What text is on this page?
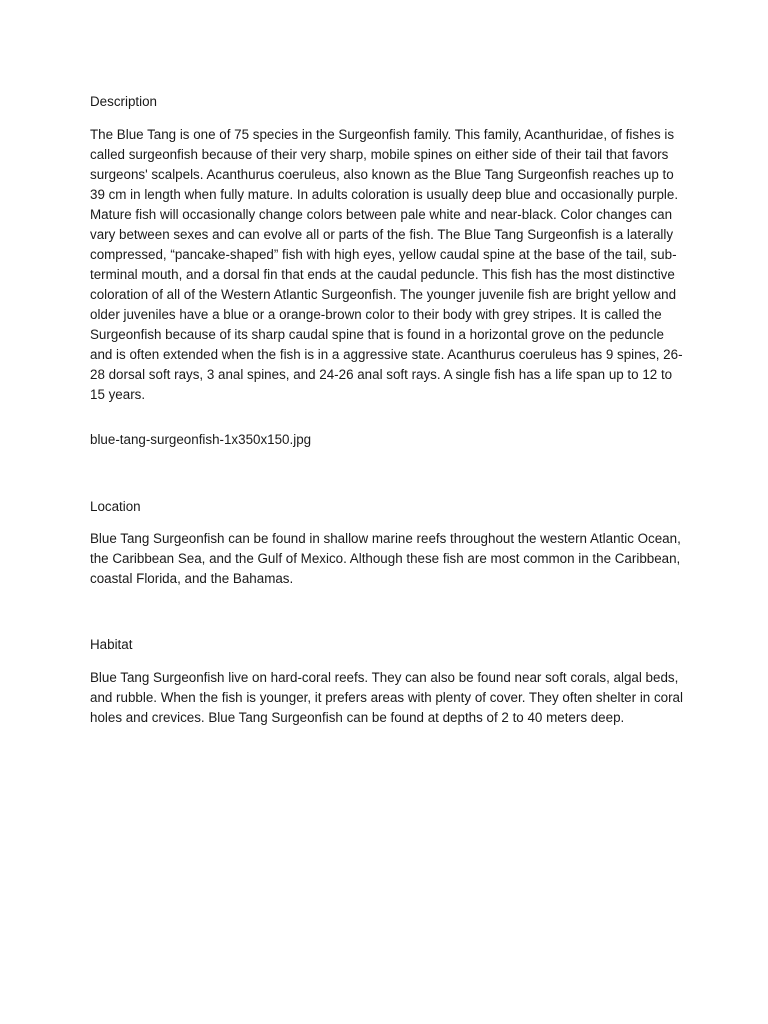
Description

The Blue Tang is one of 75 species in the Surgeonfish family. This family, Acanthuridae, of fishes is called surgeonfish because of their very sharp, mobile spines on either side of their tail that favors surgeons' scalpels. Acanthurus coeruleus, also known as the Blue Tang Surgeonfish reaches up to 39 cm in length when fully mature. In adults coloration is usually deep blue and occasionally purple. Mature fish will occasionally change colors between pale white and near-black. Color changes can vary between sexes and can evolve all or parts of the fish. The Blue Tang Surgeonfish is a laterally compressed, “pancake-shaped” fish with high eyes, yellow caudal spine at the base of the tail, sub-terminal mouth, and a dorsal fin that ends at the caudal peduncle. This fish has the most distinctive coloration of all of the Western Atlantic Surgeonfish. The younger juvenile fish are bright yellow and older juveniles have a blue or a orange-brown color to their body with grey stripes. It is called the Surgeonfish because of its sharp caudal spine that is found in a horizontal grove on the peduncle and is often extended when the fish is in a aggressive state. Acanthurus coeruleus has 9 spines, 26-28 dorsal soft rays, 3 anal spines, and 24-26 anal soft rays. A single fish has a life span up to 12 to 15 years.

blue-tang-surgeonfish-1x350x150.jpg

Location

Blue Tang Surgeonfish can be found in shallow marine reefs throughout the western Atlantic Ocean, the Caribbean Sea, and the Gulf of Mexico. Although these fish are most common in the Caribbean, coastal Florida, and the Bahamas.

Habitat

Blue Tang Surgeonfish live on hard-coral reefs. They can also be found near soft corals, algal beds, and rubble. When the fish is younger, it prefers areas with plenty of cover. They often shelter in coral holes and crevices. Blue Tang Surgeonfish can be found at depths of 2 to 40 meters deep.
